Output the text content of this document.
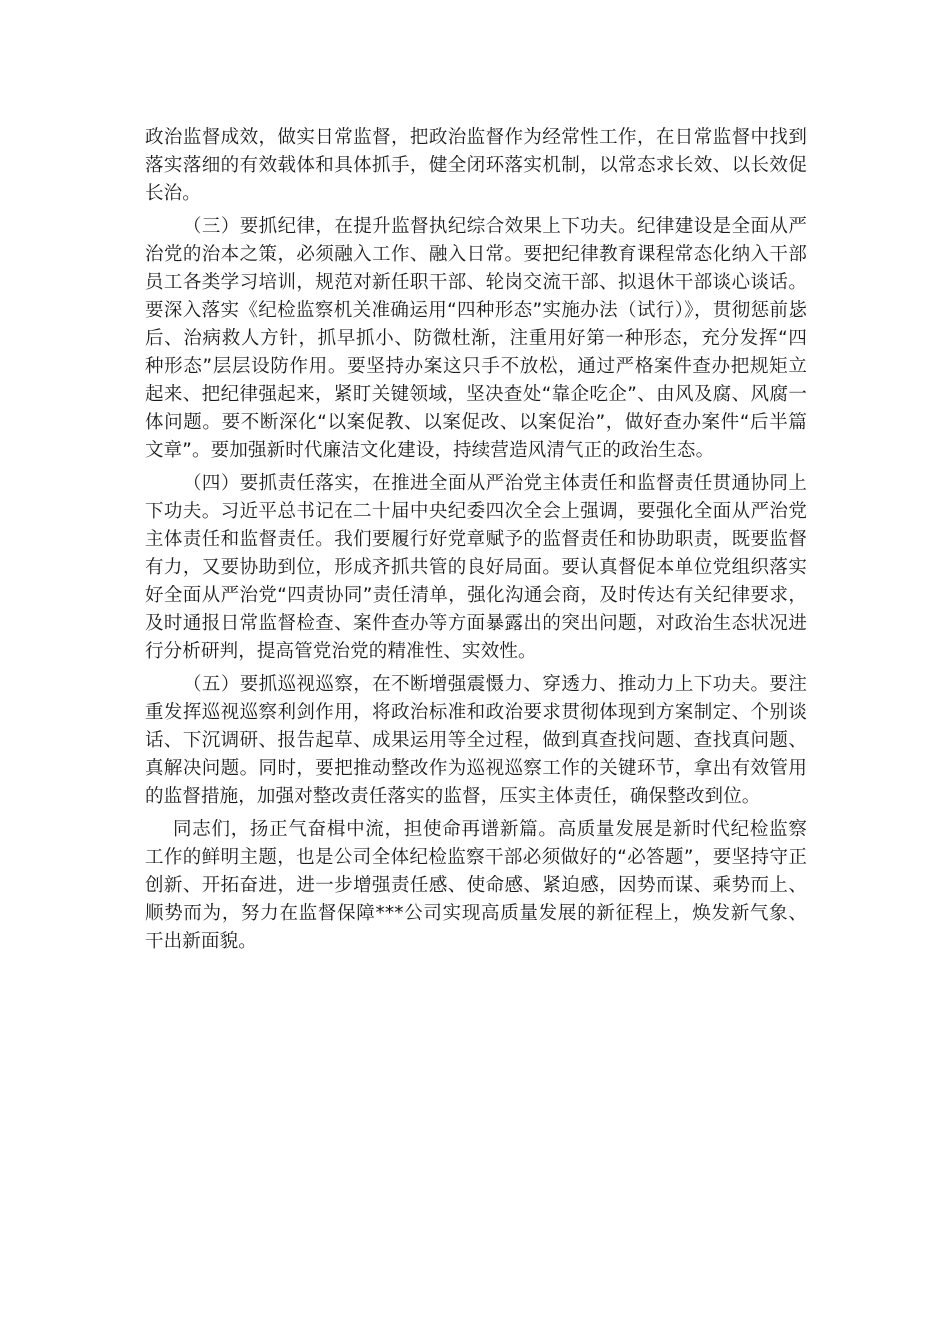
政治监督成效，做实日常监督，把政治监督作为经常性工作，在日常监督中找到落实落细的有效载体和具体抓手，健全闭环落实机制，以常态求长效、以长效促长治。

（三）要抓纪律，在提升监督执纪综合效果上下功夫。纪律建设是全面从严治党的治本之策，必须融入工作、融入日常。要把纪律教育课程常态化纳入干部员工各类学习培训，规范对新任职干部、轮岗交流干部、拟退休干部谈心谈话。要深入落实《纪检监察机关准确运用“四种形态”实施办法（试行）》，贯彻惩前毖后、治病救人方针，抓早抓小、防微杜渐，注重用好第一种形态，充分发挥“四种形态”层层设防作用。要坚持办案这只手不放松，通过严格案件查办把规矩立起来、把纪律强起来，紧盯关键领域，坚决查处“靠企吃企”、由风及腐、风腐一体问题。要不断深化“以案促教、以案促改、以案促治”，做好查办案件“后半篇文章”。要加强新时代廉洁文化建设，持续营造风清气正的政治生态。

（四）要抓责任落实，在推进全面从严治党主体责任和监督责任贯通协同上下功夫。习近平总书记在二十届中央纪委四次全会上强调，要强化全面从严治党主体责任和监督责任。我们要履行好党章赋予的监督责任和协助职责，既要监督有力，又要协助到位，形成齐抓共管的良好局面。要认真督促本单位党组织落实好全面从严治党“四责协同”责任清单，强化沟通会商，及时传达有关纪律要求，及时通报日常监督检查、案件查办等方面暴露出的突出问题，对政治生态状况进行分析研判，提高管党治党的精准性、实效性。

（五）要抓巡视巡察，在不断增强震慑力、穿透力、推动力上下功夫。要注重发挥巡视巡察利剑作用，将政治标准和政治要求贯彻体现到方案制定、个别谈话、下沉调研、报告起草、成果运用等全过程，做到真查找问题、查找真问题、真解决问题。同时，要把推动整改作为巡视巡察工作的关键环节，拿出有效管用的监督措施，加强对整改责任落实的监督，压实主体责任，确保整改到位。

同志们，扬正气奋楫中流，担使命再谱新篇。高质量发展是新时代纪检监察工作的鲜明主题，也是公司全体纪检监察干部必须做好的“必答题”，要坚持守正创新、开拓奋进，进一步增强责任感、使命感、紧迫感，因势而谋、乘势而上、顺势而为，努力在监督保障***公司实现高质量发展的新征程上，焕发新气象、干出新面貌。
